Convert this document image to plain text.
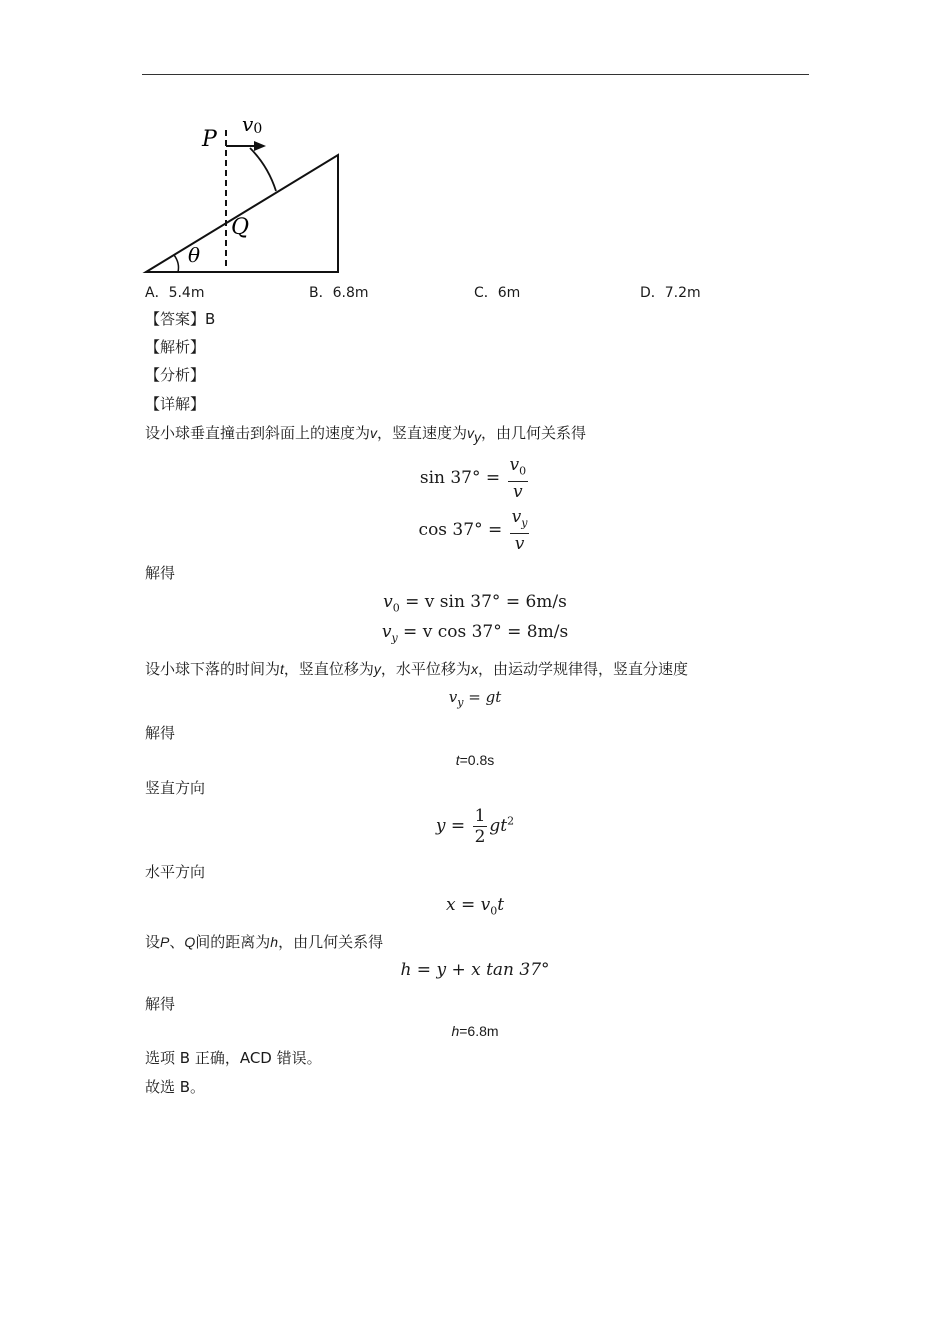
P
v0
Q
θ
A．5.4m	B．6.8m	C．6m	D．7.2m
【答案】B
【解析】
【分析】
【详解】
设小球垂直撞击到斜面上的速度为v，竖直速度为$v_y$，由几何关系得
$\sin 37^\circ = \frac{v_0}{v}$
$\cos 37^\circ = \frac{v_y}{v}$
解得
$v_0 = v$ sin 37° = 6m/s
$v_y = v$ cos 37° = 8m/s
设小球下落的时间为t，竖直位移为y，水平位移为x，由运动学规律得，竖直分速度
$v_y$ = gt
解得
t=0.8s
竖直方向
$y = \frac{1}{2} gt^2$
水平方向
$x = v_0t$
设P、Q间的距离为h，由几何关系得
h = y + x tan 37°
解得
h=6.8m
选项 B 正确，ACD 错误。
故选 B。
